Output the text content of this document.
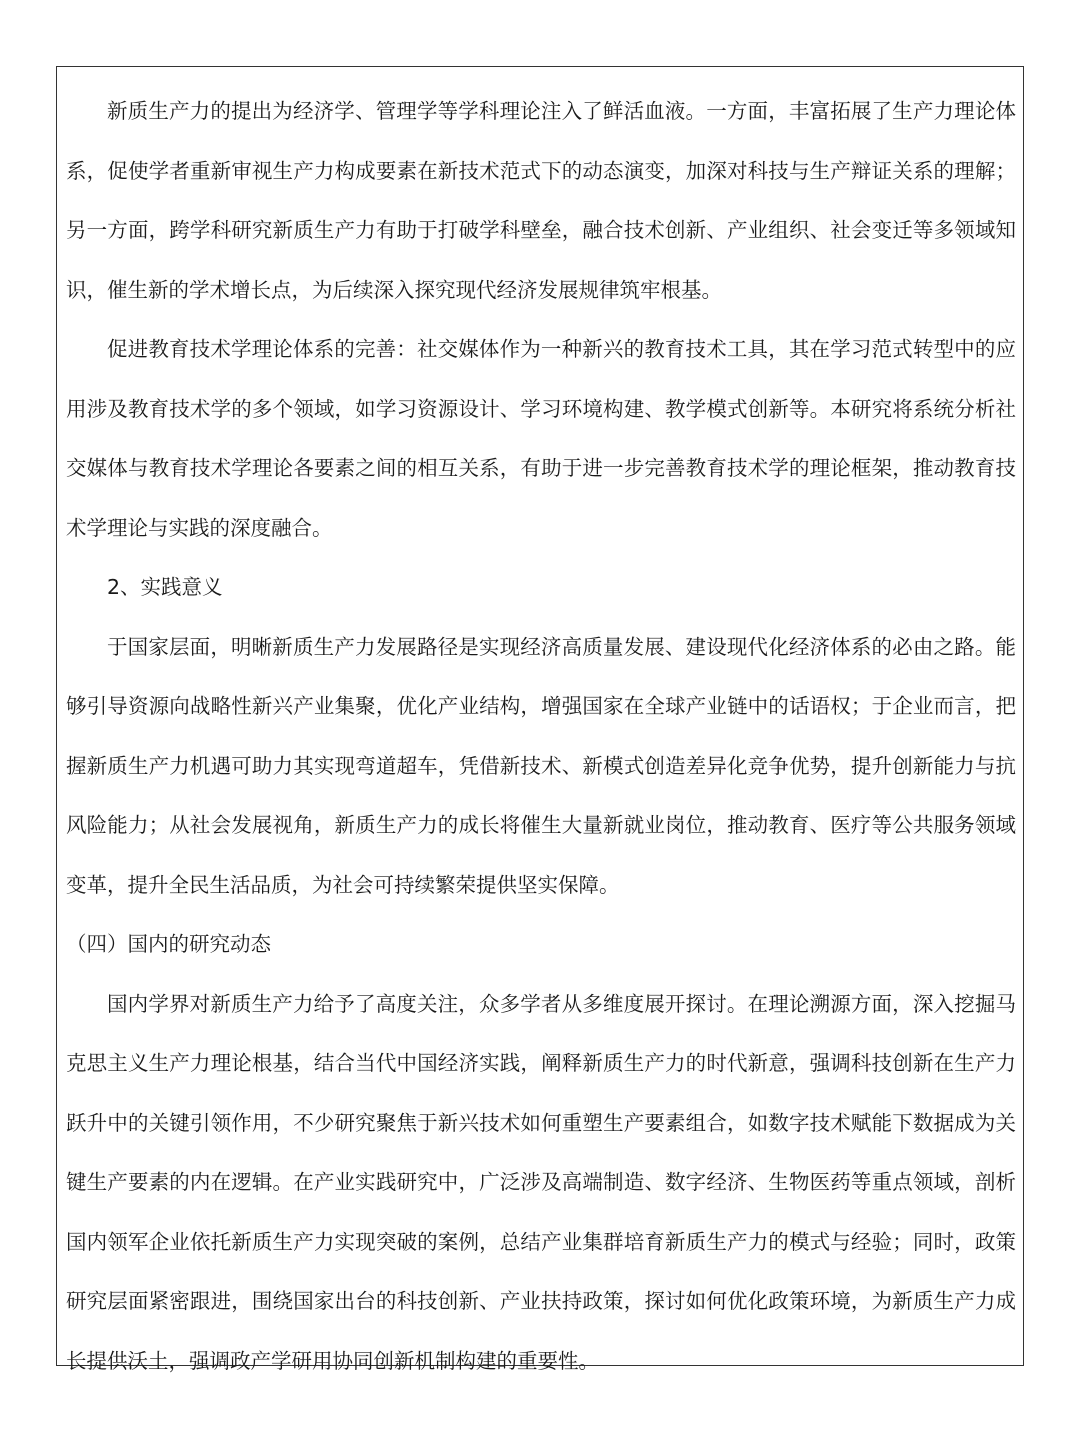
新质生产力的提出为经济学、管理学等学科理论注入了鲜活血液。一方面，丰富拓展了生产力理论体系，促使学者重新审视生产力构成要素在新技术范式下的动态演变，加深对科技与生产辩证关系的理解；另一方面，跨学科研究新质生产力有助于打破学科壁垒，融合技术创新、产业组织、社会变迁等多领域知识，催生新的学术增长点，为后续深入探究现代经济发展规律筑牢根基。

促进教育技术学理论体系的完善：社交媒体作为一种新兴的教育技术工具，其在学习范式转型中的应用涉及教育技术学的多个领域，如学习资源设计、学习环境构建、教学模式创新等。本研究将系统分析社交媒体与教育技术学理论各要素之间的相互关系，有助于进一步完善教育技术学的理论框架，推动教育技术学理论与实践的深度融合。

2、实践意义

于国家层面，明晰新质生产力发展路径是实现经济高质量发展、建设现代化经济体系的必由之路。能够引导资源向战略性新兴产业集聚，优化产业结构，增强国家在全球产业链中的话语权；于企业而言，把握新质生产力机遇可助力其实现弯道超车，凭借新技术、新模式创造差异化竞争优势，提升创新能力与抗风险能力；从社会发展视角，新质生产力的成长将催生大量新就业岗位，推动教育、医疗等公共服务领域变革，提升全民生活品质，为社会可持续繁荣提供坚实保障。

（四）国内的研究动态

国内学界对新质生产力给予了高度关注，众多学者从多维度展开探讨。在理论溯源方面，深入挖掘马克思主义生产力理论根基，结合当代中国经济实践，阐释新质生产力的时代新意，强调科技创新在生产力跃升中的关键引领作用，不少研究聚焦于新兴技术如何重塑生产要素组合，如数字技术赋能下数据成为关键生产要素的内在逻辑。在产业实践研究中，广泛涉及高端制造、数字经济、生物医药等重点领域，剖析国内领军企业依托新质生产力实现突破的案例，总结产业集群培育新质生产力的模式与经验；同时，政策研究层面紧密跟进，围绕国家出台的科技创新、产业扶持政策，探讨如何优化政策环境，为新质生产力成长提供沃土，强调政产学研用协同创新机制构建的重要性。
